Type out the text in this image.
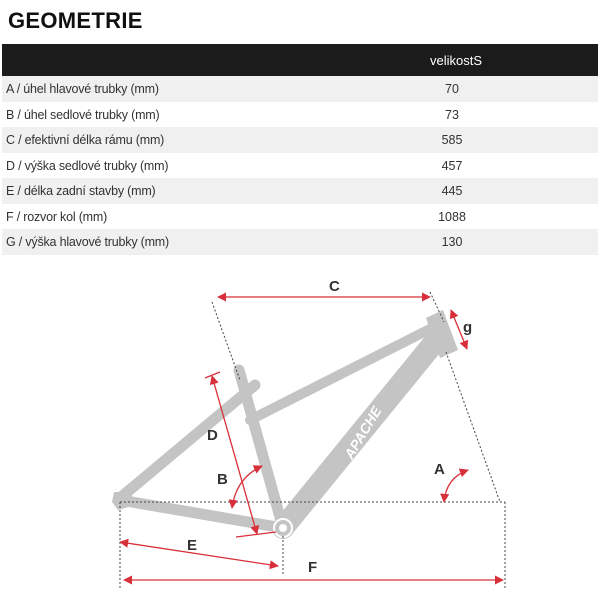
GEOMETRIE
velikostS
A / úhel hlavové trubky (mm)	70
B / úhel sedlové trubky (mm)	73
C / efektivní délka rámu (mm)	585
D / výška sedlové trubky (mm)	457
E / délka zadní stavby (mm)	445
F / rozvor kol (mm)	1088
G / výška hlavové trubky (mm)	130
APACHE
C
D
B
E
F
A
g
